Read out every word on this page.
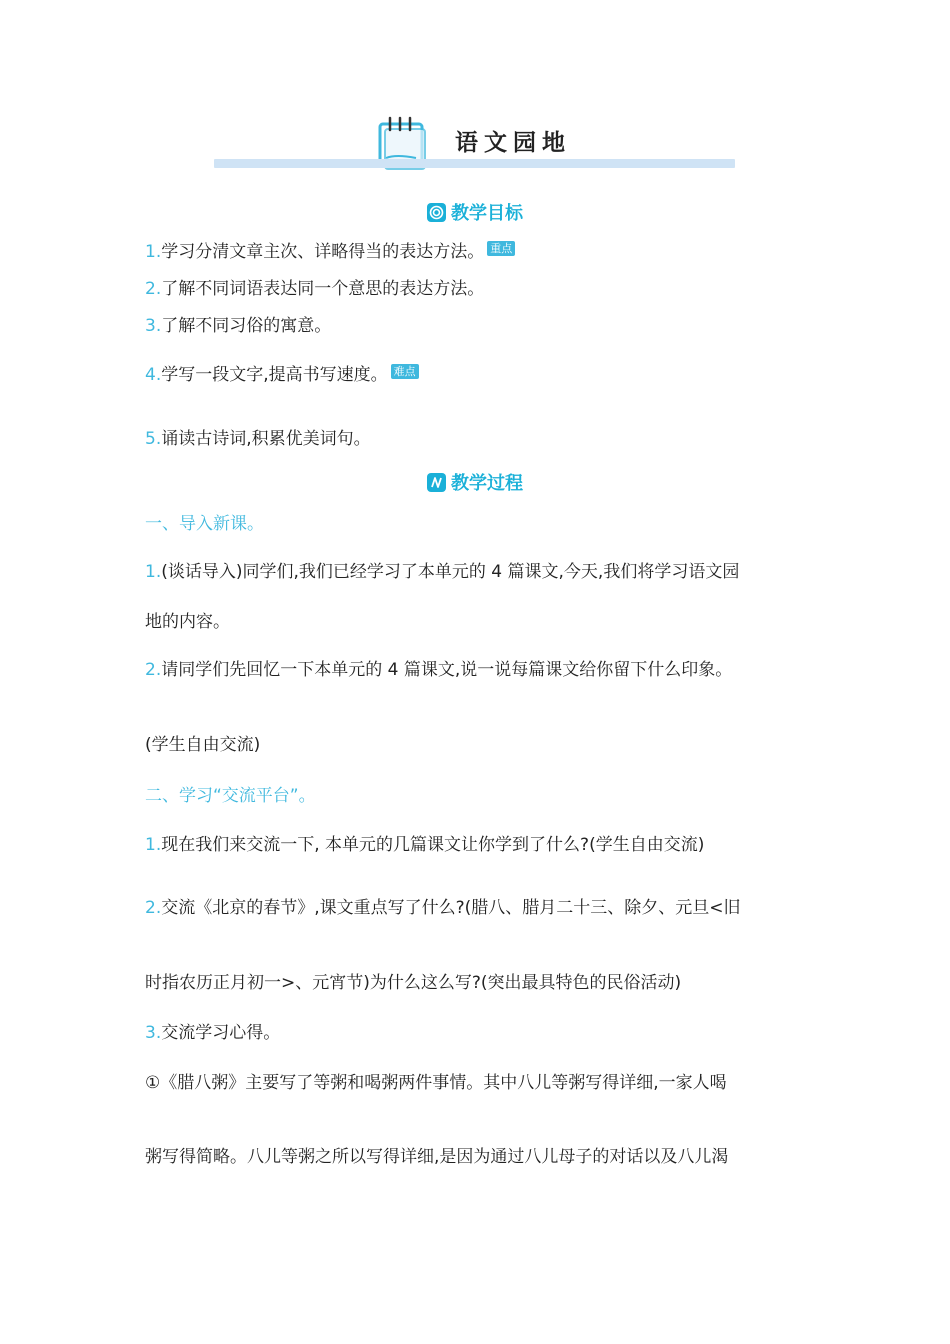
语文园地
教学目标
1.学习分清文章主次、详略得当的表达方法。 重点
2.了解不同词语表达同一个意思的表达方法。
3.了解不同习俗的寓意。
4.学写一段文字,提高书写速度。 难点
5.诵读古诗词,积累优美词句。
教学过程
一、导入新课。
1.(谈话导入)同学们,我们已经学习了本单元的 4 篇课文,今天,我们将学习语文园
地的内容。
2.请同学们先回忆一下本单元的 4 篇课文,说一说每篇课文给你留下什么印象。
(学生自由交流)
二、学习“交流平台”。
1.现在我们来交流一下, 本单元的几篇课文让你学到了什么?(学生自由交流)
2.交流《北京的春节》,课文重点写了什么?(腊八、腊月二十三、除夕、元旦<旧
时指农历正月初一>、元宵节)为什么这么写?(突出最具特色的民俗活动)
3.交流学习心得。
①《腊八粥》主要写了等粥和喝粥两件事情。其中八儿等粥写得详细,一家人喝
粥写得简略。八儿等粥之所以写得详细,是因为通过八儿母子的对话以及八儿渴
